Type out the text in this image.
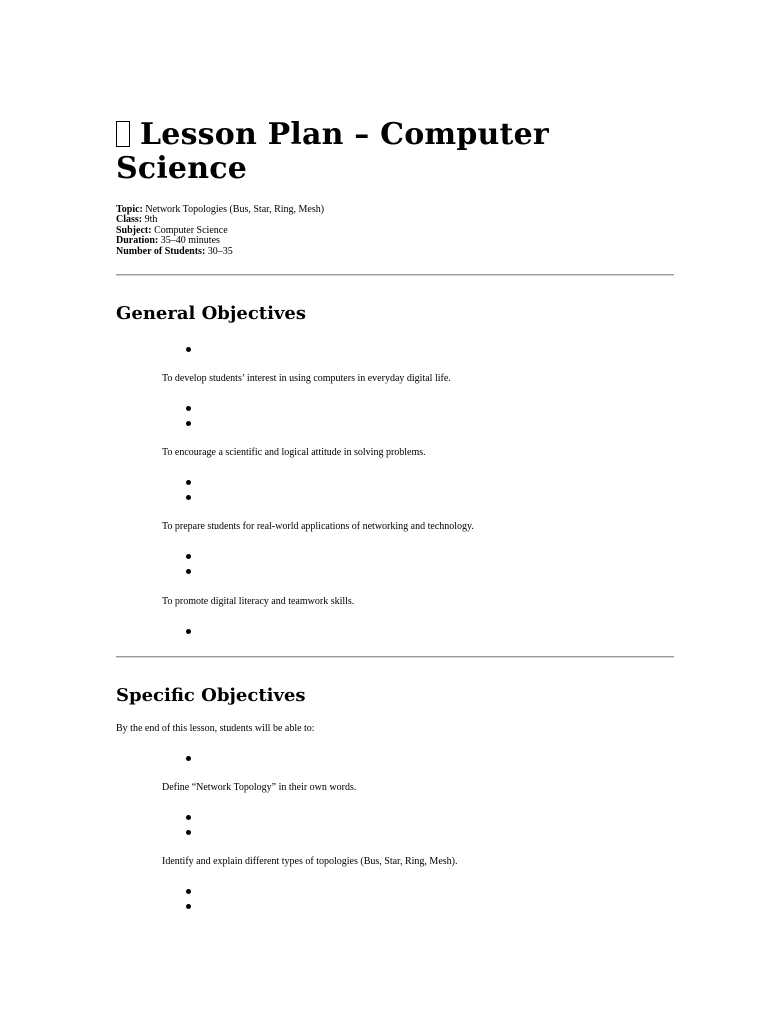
Lesson Plan – Computer Science
Topic: Network Topologies (Bus, Star, Ring, Mesh)
Class: 9th
Subject: Computer Science
Duration: 35–40 minutes
Number of Students: 30–35
General Objectives
To develop students’ interest in using computers in everyday digital life.
To encourage a scientific and logical attitude in solving problems.
To prepare students for real-world applications of networking and technology.
To promote digital literacy and teamwork skills.
Specific Objectives
By the end of this lesson, students will be able to:
Define “Network Topology” in their own words.
Identify and explain different types of topologies (Bus, Star, Ring, Mesh).
